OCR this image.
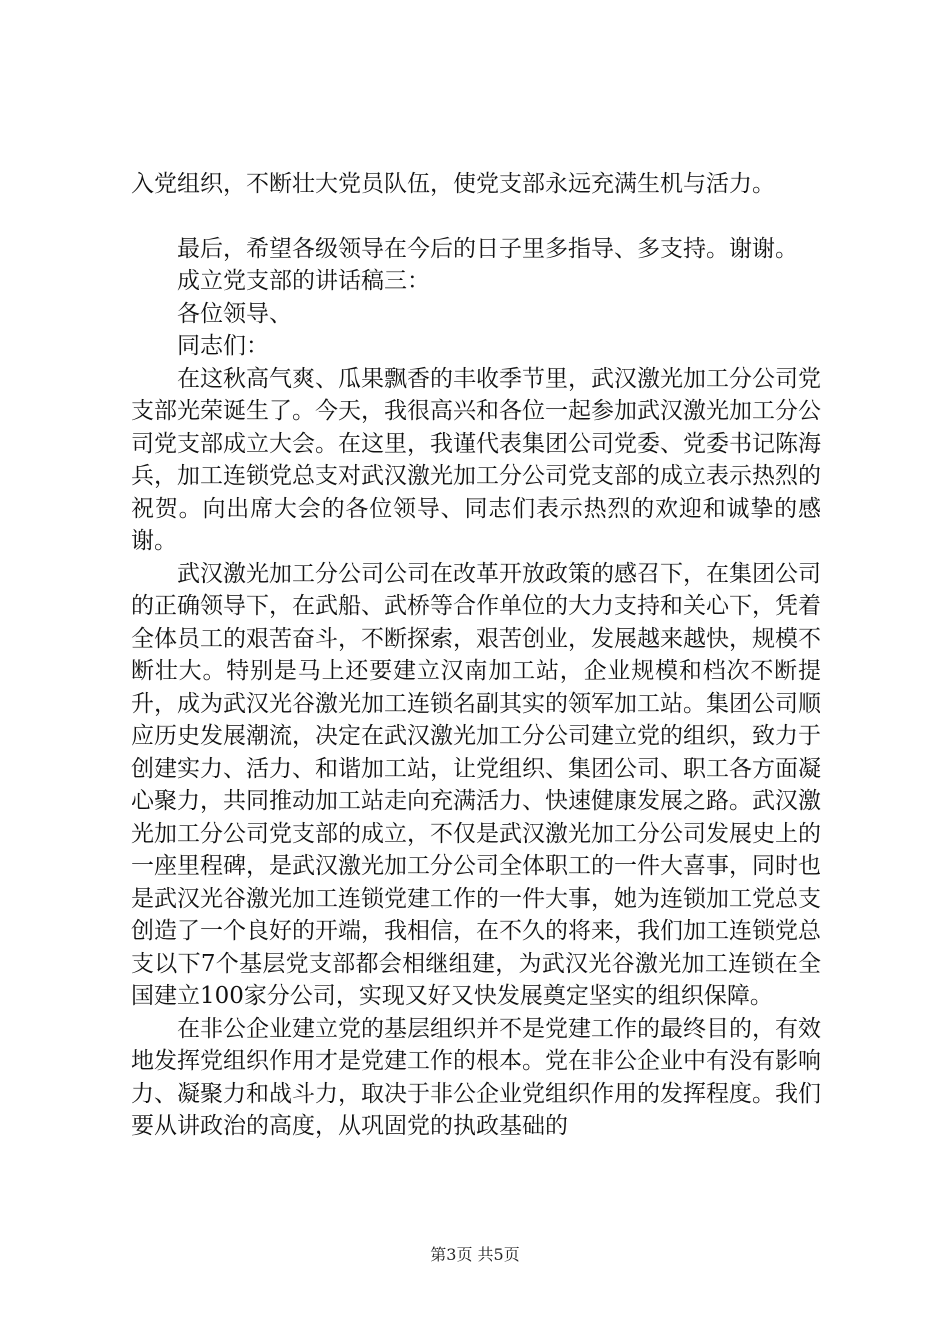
入党组织，不断壮大党员队伍，使党支部永远充满生机与活力。

最后，希望各级领导在今后的日子里多指导、多支持。谢谢。

成立党支部的讲话稿三：

各位领导、

同志们：

在这秋高气爽、瓜果飘香的丰收季节里，武汉激光加工分公司党支部光荣诞生了。今天，我很高兴和各位一起参加武汉激光加工分公司党支部成立大会。在这里，我谨代表集团公司党委、党委书记陈海兵，加工连锁党总支对武汉激光加工分公司党支部的成立表示热烈的祝贺。向出席大会的各位领导、同志们表示热烈的欢迎和诚挚的感谢。

武汉激光加工分公司公司在改革开放政策的感召下，在集团公司的正确领导下，在武船、武桥等合作单位的大力支持和关心下，凭着全体员工的艰苦奋斗，不断探索，艰苦创业，发展越来越快，规模不断壮大。特别是马上还要建立汉南加工站，企业规模和档次不断提升，成为武汉光谷激光加工连锁名副其实的领军加工站。集团公司顺应历史发展潮流，决定在武汉激光加工分公司建立党的组织，致力于创建实力、活力、和谐加工站，让党组织、集团公司、职工各方面凝心聚力，共同推动加工站走向充满活力、快速健康发展之路。武汉激光加工分公司党支部的成立，不仅是武汉激光加工分公司发展史上的一座里程碑，是武汉激光加工分公司全体职工的一件大喜事，同时也是武汉光谷激光加工连锁党建工作的一件大事，她为连锁加工党总支创造了一个良好的开端，我相信，在不久的将来，我们加工连锁党总支以下7个基层党支部都会相继组建，为武汉光谷激光加工连锁在全国建立100家分公司，实现又好又快发展奠定坚实的组织保障。

在非公企业建立党的基层组织并不是党建工作的最终目的，有效地发挥党组织作用才是党建工作的根本。党在非公企业中有没有影响力、凝聚力和战斗力，取决于非公企业党组织作用的发挥程度。我们要从讲政治的高度，从巩固党的执政基础的

第3页 共5页
